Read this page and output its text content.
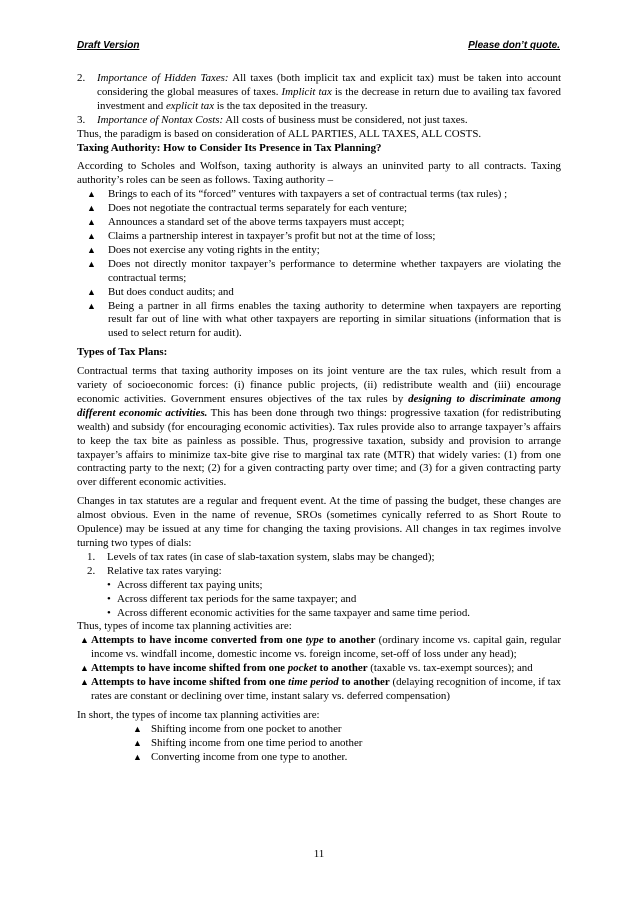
Draft Version	Please don’t quote.
2. Importance of Hidden Taxes: All taxes (both implicit tax and explicit tax) must be taken into account considering the global measures of taxes. Implicit tax is the decrease in return due to availing tax favored investment and explicit tax is the tax deposited in the treasury.
3. Importance of Nontax Costs: All costs of business must be considered, not just taxes.

Thus, the paradigm is based on consideration of ALL PARTIES, ALL TAXES, ALL COSTS.

Taxing Authority: How to Consider Its Presence in Tax Planning?

According to Scholes and Wolfson, taxing authority is always an uninvited party to all contracts. Taxing authority’s roles can be seen as follows. Taxing authority –

▲ Brings to each of its “forced” ventures with taxpayers a set of contractual terms (tax rules) ;
▲ Does not negotiate the contractual terms separately for each venture;
▲ Announces a standard set of the above terms taxpayers must accept;
▲ Claims a partnership interest in taxpayer’s profit but not at the time of loss;
▲ Does not exercise any voting rights in the entity;
▲ Does not directly monitor taxpayer’s performance to determine whether taxpayers are violating the contractual terms;
▲ But does conduct audits; and
▲ Being a partner in all firms enables the taxing authority to determine when taxpayers are reporting result far out of line with what other taxpayers are reporting in similar situations (information that is used to select return for audit).

Types of Tax Plans:

Contractual terms that taxing authority imposes on its joint venture are the tax rules, which result from a variety of socioeconomic forces: (i) finance public projects, (ii) redistribute wealth and (iii) encourage economic activities. Government ensures objectives of the tax rules by designing to discriminate among different economic activities. This has been done through two things: progressive taxation (for redistributing wealth) and subsidy (for encouraging economic activities). Tax rules provide also to arrange taxpayer’s affairs to keep the tax bite as painless as possible. Thus, progressive taxation, subsidy and provision to arrange taxpayer’s affairs to minimize tax-bite give rise to marginal tax rate (MTR) that widely varies: (1) from one contracting party to the next; (2) for a given contracting party over time; and (3) for a given contracting party over different economic activities.

Changes in tax statutes are a regular and frequent event. At the time of passing the budget, these changes are almost obvious. Even in the name of revenue, SROs (sometimes cynically referred to as Short Route to Opulence) may be issued at any time for changing the taxing provisions. All changes in tax regimes involve turning two types of dials:

1. Levels of tax rates (in case of slab-taxation system, slabs may be changed);
2. Relative tax rates varying:
• Across different tax paying units;
• Across different tax periods for the same taxpayer; and
• Across different economic activities for the same taxpayer and same time period.

Thus, types of income tax planning activities are:

▲ Attempts to have income converted from one type to another (ordinary income vs. capital gain, regular income vs. windfall income, domestic income vs. foreign income, set-off of loss under any head);
▲ Attempts to have income shifted from one pocket to another (taxable vs. tax-exempt sources); and
▲ Attempts to have income shifted from one time period to another (delaying recognition of income, if tax rates are constant or declining over time, instant salary vs. deferred compensation)

In short, the types of income tax planning activities are:

▲ Shifting income from one pocket to another
▲ Shifting income from one time period to another
▲ Converting income from one type to another.
11
